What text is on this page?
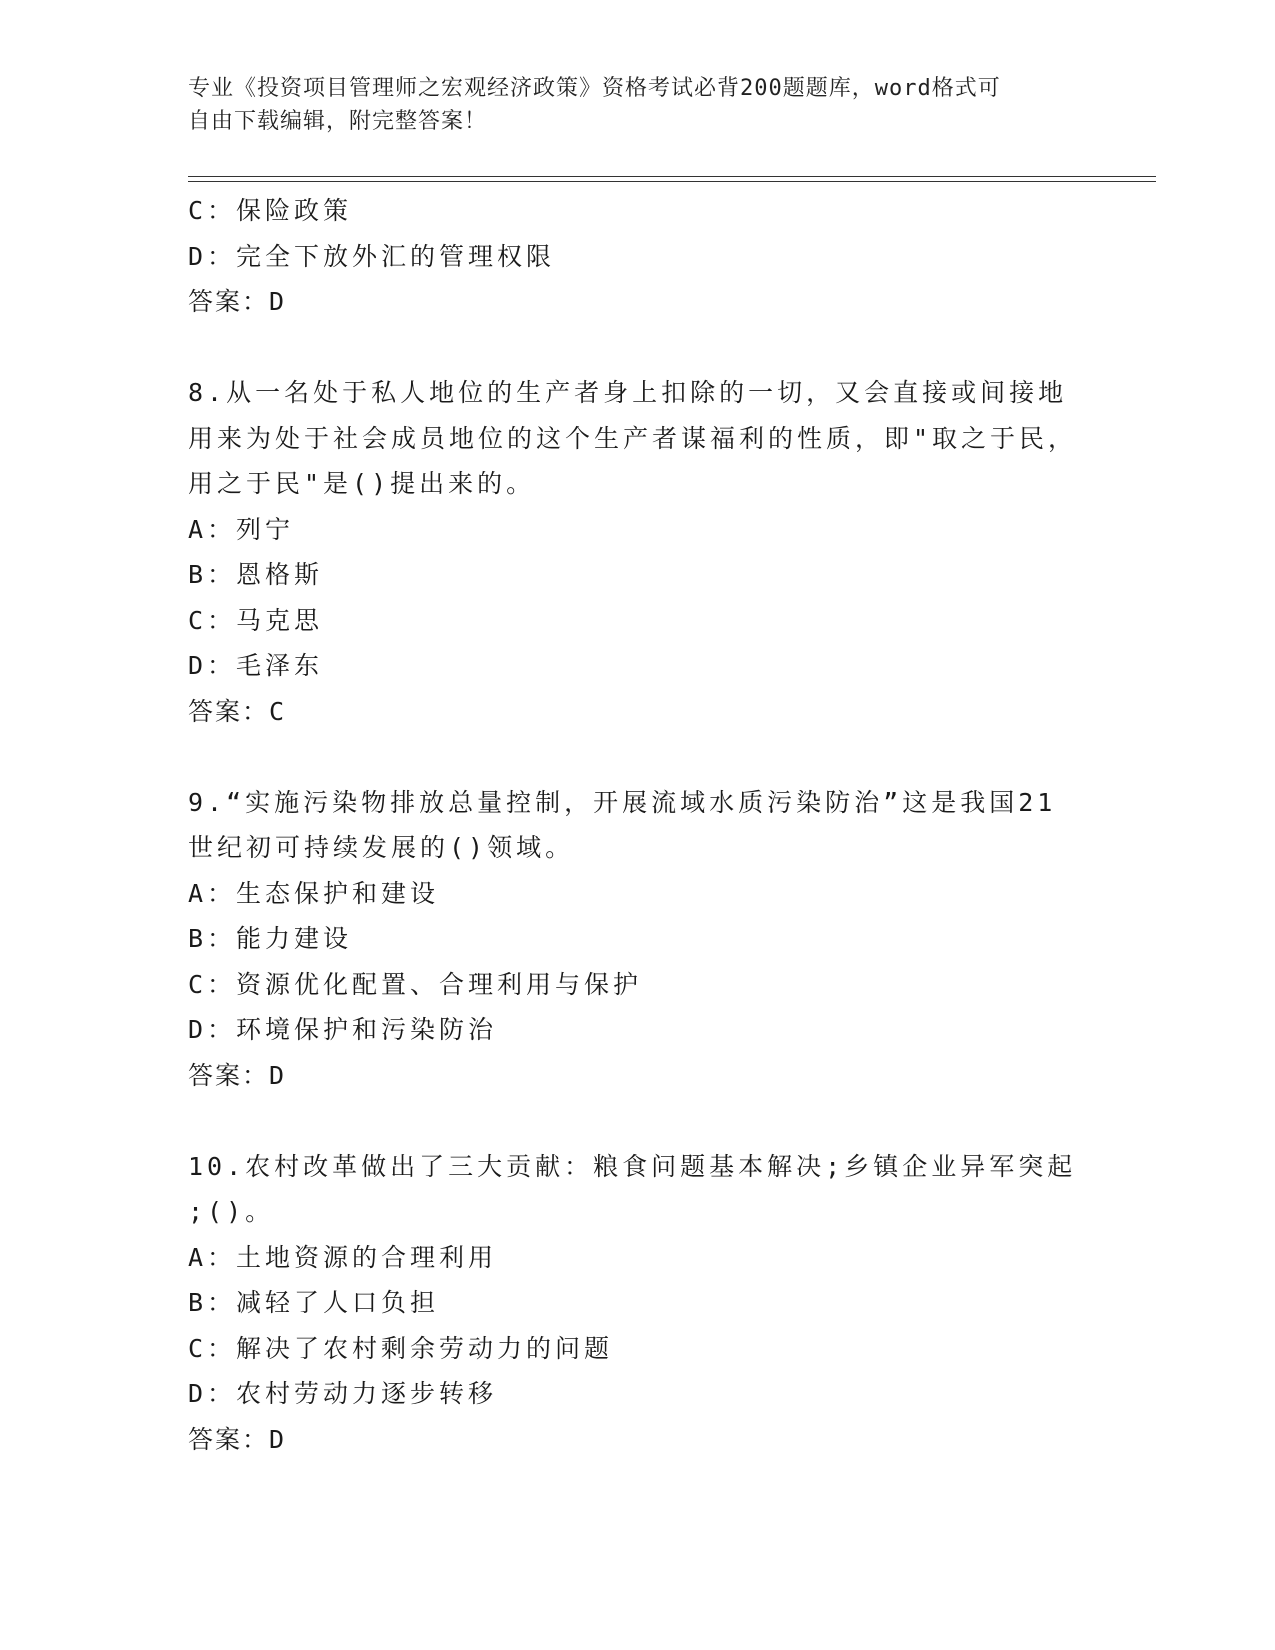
专业《投资项目管理师之宏观经济政策》资格考试必背200题题库，word格式可
自由下载编辑，附完整答案！
C：保险政策
D：完全下放外汇的管理权限
答案：D
8.从一名处于私人地位的生产者身上扣除的一切，又会直接或间接地
用来为处于社会成员地位的这个生产者谋福利的性质，即"取之于民，
用之于民"是()提出来的。
A：列宁
B：恩格斯
C：马克思
D：毛泽东
答案：C
9.“实施污染物排放总量控制，开展流域水质污染防治”这是我国21
世纪初可持续发展的()领域。
A：生态保护和建设
B：能力建设
C：资源优化配置、合理利用与保护
D：环境保护和污染防治
答案：D
10.农村改革做出了三大贡献：粮食问题基本解决;乡镇企业异军突起
;()。
A：土地资源的合理利用
B：减轻了人口负担
C：解决了农村剩余劳动力的问题
D：农村劳动力逐步转移
答案：D
